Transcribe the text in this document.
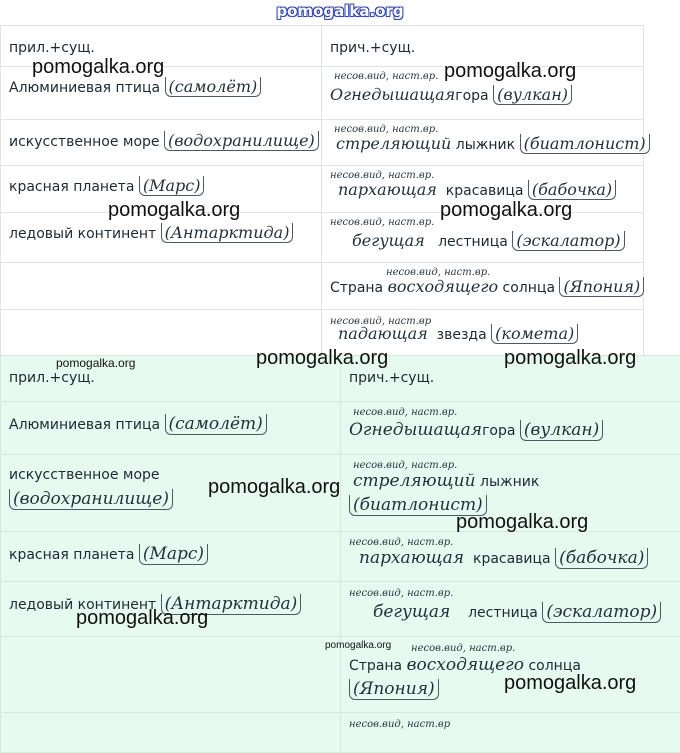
pomogalka.org
прил.+сущ.	прич.+сущ.

Алюминиевая птица (самолёт)	несов.вид, наст.вр.
Огнедышащаягора (вулкан)

искусственное море (водохранилище)	несов.вид, наст.вр.
стреляющий лыжник (биатлонист)

красная планета (Марс)	несов.вид, наст.вр.
пархающая красавица (бабочка)

ледовый континент (Антарктида)	несов.вид, наст.вр.
бегущая лестница (эскалатор)

	несов.вид, наст.вр.
Страна восходящего солнца (Япония)

	несов.вид, наст.вр
падающая звезда (комета)
прил.+сущ.	прич.+сущ.

Алюминиевая птица (самолёт)	несов.вид, наст.вр.
Огнедышащаягора (вулкан)

искусственное море
(водохранилище)	несов.вид, наст.вр.
стреляющий лыжник
(биатлонист)

красная планета (Марс)	несов.вид, наст.вр.
пархающая красавица (бабочка)

ледовый континент (Антарктида)	несов.вид, наст.вр.
бегущая лестница (эскалатор)

	несов.вид, наст.вр.
Страна восходящего солнца
(Япония)

	несов.вид, наст.вр
pomogalka.org	pomogalka.org
pomogalka.org	pomogalka.org
pomogalka.org	pomogalka.org	pomogalka.org
pomogalka.org
pomogalka.org
pomogalka.org
pomogalka.org
pomogalka.org
